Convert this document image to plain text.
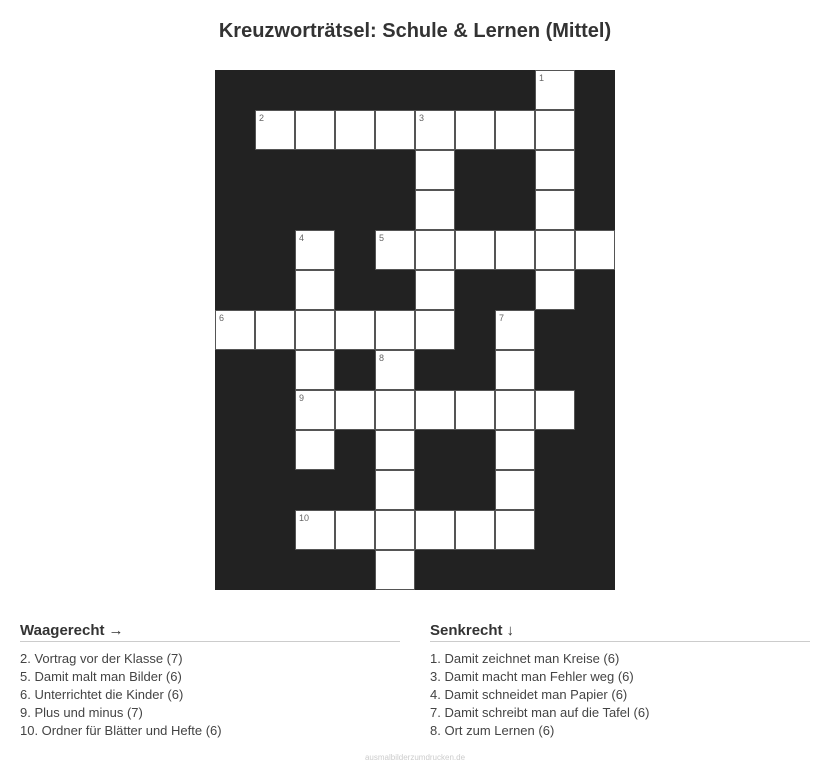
Kreuzworträtsel: Schule & Lernen (Mittel)
1
2	3
4	5
6	7
8
9
10
Waagerecht →
2. Vortrag vor der Klasse (7)
5. Damit malt man Bilder (6)
6. Unterrichtet die Kinder (6)
9. Plus und minus (7)
10. Ordner für Blätter und Hefte (6)
Senkrecht ↓
1. Damit zeichnet man Kreise (6)
3. Damit macht man Fehler weg (6)
4. Damit schneidet man Papier (6)
7. Damit schreibt man auf die Tafel (6)
8. Ort zum Lernen (6)
ausmalbilderzumdrucken.de
